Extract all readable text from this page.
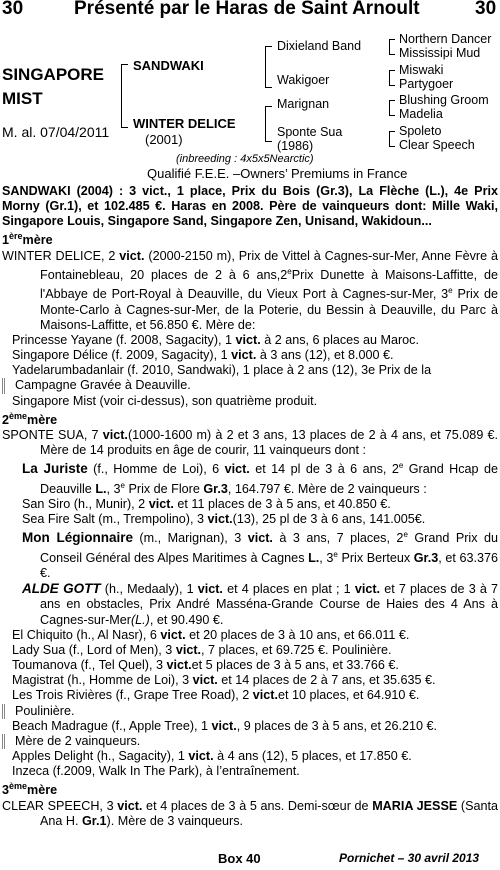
30	Présenté par le Haras de Saint Arnoult	30
SINGAPORE
MIST
M. al. 07/04/2011
SANDWAKI
WINTER DELICE
(2001)
Dixieland Band
Wakigoer
Marignan
Sponte Sua
(1986)
Northern Dancer
Mississipi Mud
Miswaki
Partygoer
Blushing Groom
Madelia
Spoleto
Clear Speech
(inbreeding : 4x5x5Nearctic)
Qualifié F.E.E. –Owners’ Premiums in France

SANDWAKI (2004) : 3 vict., 1 place, Prix du Bois (Gr.3), La Flèche (L.), 4e Prix Morny (Gr.1), et 102.485 €. Haras en 2008. Père de vainqueurs dont: Mille Waki, Singapore Louis, Singapore Sand, Singapore Zen, Unisand, Wakidoun...

1èremère

WINTER DELICE, 2 vict. (2000-2150 m), Prix de Vittel à Cagnes-sur-Mer, Anne Fèvre à Fontainebleau, 20 places de 2 à 6 ans,2ePrix Dunette à Maisons-Laffitte, de l'Abbaye de Port-Royal à Deauville, du Vieux Port à Cagnes-sur-Mer, 3e Prix de Monte-Carlo à Cagnes-sur-Mer, de la Poterie, du Bessin à Deauville, du Parc à Maisons-Laffitte, et 56.850 €. Mère de:

Princesse Yayane (f. 2008, Sagacity), 1 vict. à 2 ans, 6 places au Maroc.

Singapore Délice (f. 2009, Sagacity), 1 vict. à 3 ans (12), et 8.000 €.

Yadelarumbadanlair (f. 2010, Sandwaki), 1 place à 2 ans (12), 3e Prix de la

Campagne Gravée à Deauville.

Singapore Mist (voir ci-dessus), son quatrième produit.

2èmemère

SPONTE SUA, 7 vict.(1000-1600 m) à 2 et 3 ans, 13 places de 2 à 4 ans, et 75.089 €. Mère de 14 produits en âge de courir, 11 vainqueurs dont :

La Juriste (f., Homme de Loi), 6 vict. et 14 pl de 3 à 6 ans, 2e Grand Hcap de Deauville L., 3e Prix de Flore Gr.3, 164.797 €. Mère de 2 vainqueurs :

San Siro (h., Munir), 2 vict. et 11 places de 3 à 5 ans, et 40.850 €.

Sea Fire Salt (m., Trempolino), 3 vict.(13), 25 pl de 3 à 6 ans, 141.005€.

Mon Légionnaire (m., Marignan), 3 vict. à 3 ans, 7 places, 2e Grand Prix du Conseil Général des Alpes Maritimes à Cagnes L., 3e Prix Berteux Gr.3, et 63.376 €.

ALDE GOTT (h., Medaaly), 1 vict. et 4 places en plat ; 1 vict. et 7 places de 3 à 7 ans en obstacles, Prix André Masséna-Grande Course de Haies des 4 Ans à Cagnes-sur-Mer(L.), et 90.490 €.

El Chiquito (h., Al Nasr), 6 vict. et 20 places de 3 à 10 ans, et 66.011 €.

Lady Sua (f., Lord of Men), 3 vict., 7 places, et 69.725 €. Poulinière.

Toumanova (f., Tel Quel), 3 vict.et 5 places de 3 à 5 ans, et 33.766 €.

Magistrat (h., Homme de Loi), 3 vict. et 14 places de 2 à 7 ans, et 35.635 €.

Les Trois Rivières (f., Grape Tree Road), 2 vict.et 10 places, et 64.910 €.

Poulinière.

Beach Madrague (f., Apple Tree), 1 vict., 9 places de 3 à 5 ans, et 26.210 €.

Mère de 2 vainqueurs.

Apples Delight (h., Sagacity), 1 vict. à 4 ans (12), 5 places, et 17.850 €.

Inzeca (f.2009, Walk In The Park), à l’entraînement.

3èmemère

CLEAR SPEECH, 3 vict. et 4 places de 3 à 5 ans. Demi-sœur de MARIA JESSE (Santa Ana H. Gr.1). Mère de 3 vainqueurs.

Box 40	Pornichet – 30 avril 2013
